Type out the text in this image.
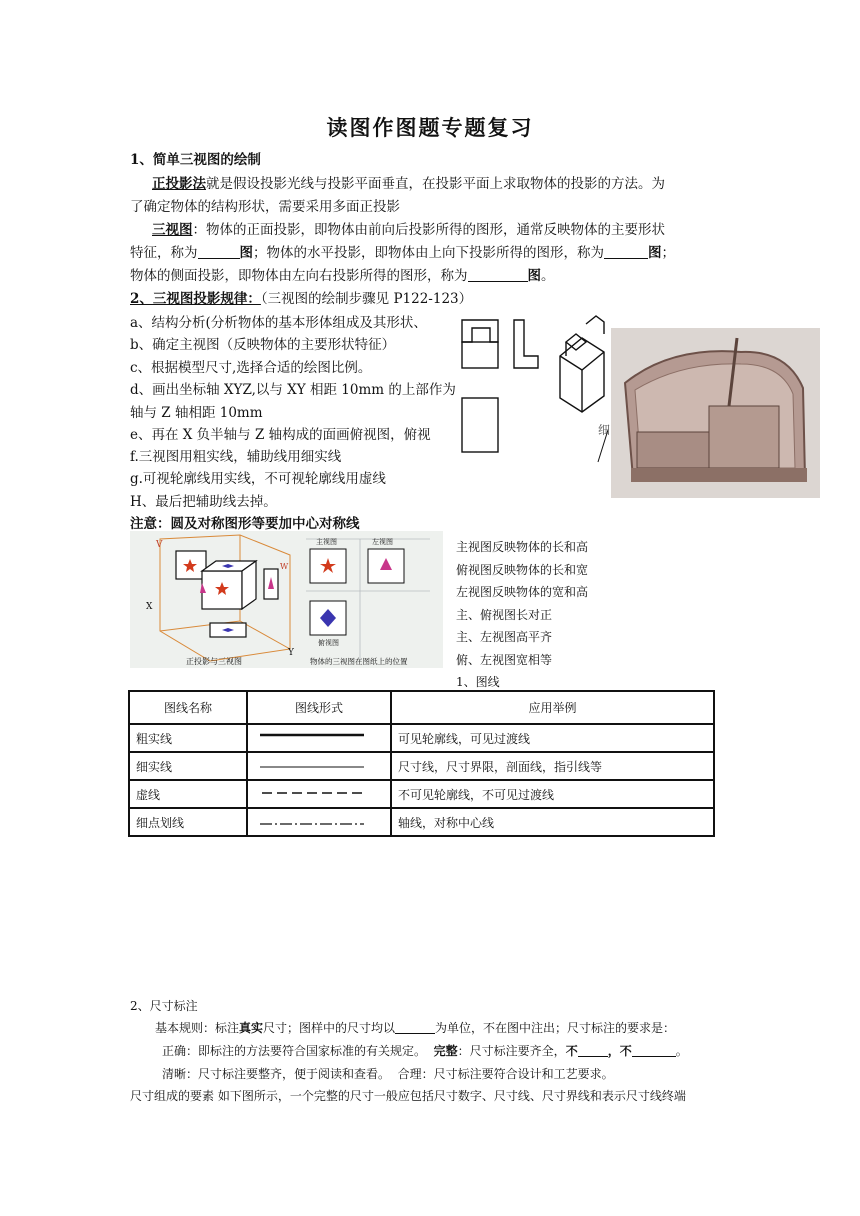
读图作图题专题复习
1、简单三视图的绘制
正投影法就是假设投影光线与投影平面垂直，在投影平面上求取物体的投影的方法。为
了确定物体的结构形状，需要采用多面正投影
三视图：物体的正面投影，即物体由前向后投影所得的图形，通常反映物体的主要形状
特征，称为	图；物体的水平投影，即物体由上向下投影所得的图形，称为	图；
物体的侧面投影，即物体由左向右投影所得的图形，称为	图。
2、三视图投影规律：（三视图的绘制步骤见 P122-123）
a、结构分析(分析物体的基本形体组成及其形状、
b、确定主视图（反映物体的主要形状特征）
c、根据模型尺寸,选择合适的绘图比例。
d、画出坐标轴 XYZ,以与 XY 相距 10mm 的上部作为
轴与 Z 轴相距 10mm
e、再在 X 负半轴与 Z 轴构成的面画俯视图，俯视
f.三视图用粗实线，辅助线用细实线
g.可视轮廓线用实线，不可视轮廓线用虚线
H、最后把辅助线去掉。
注意：圆及对称图形等要加中心对称线
细
V
X
Y
W
正投影与三视图
主视图	左视图
俯视图
物体的三视图在图纸上的位置
主视图反映物体的长和高
俯视图反映物体的长和宽
左视图反映物体的宽和高
主、俯视图长对正
主、左视图高平齐
俯、左视图宽相等
1、图线
图线名称	图线形式	应用举例
粗实线		可见轮廓线，可见过渡线
细实线		尺寸线，尺寸界限，剖面线，指引线等
虚线		不可见轮廓线，不可见过渡线
细点划线		轴线，对称中心线
2、尺寸标注
基本规则：标注真实尺寸；图样中的尺寸均以	为单位，不在图中注出；尺寸标注的要求是：
正确：即标注的方法要符合国家标准的有关规定。 完整：尺寸标注要齐全，不	，不	。
清晰：尺寸标注要整齐，便于阅读和查看。 合理：尺寸标注要符合设计和工艺要求。
尺寸组成的要素 如下图所示，一个完整的尺寸一般应包括尺寸数字、尺寸线、尺寸界线和表示尺寸线终端
